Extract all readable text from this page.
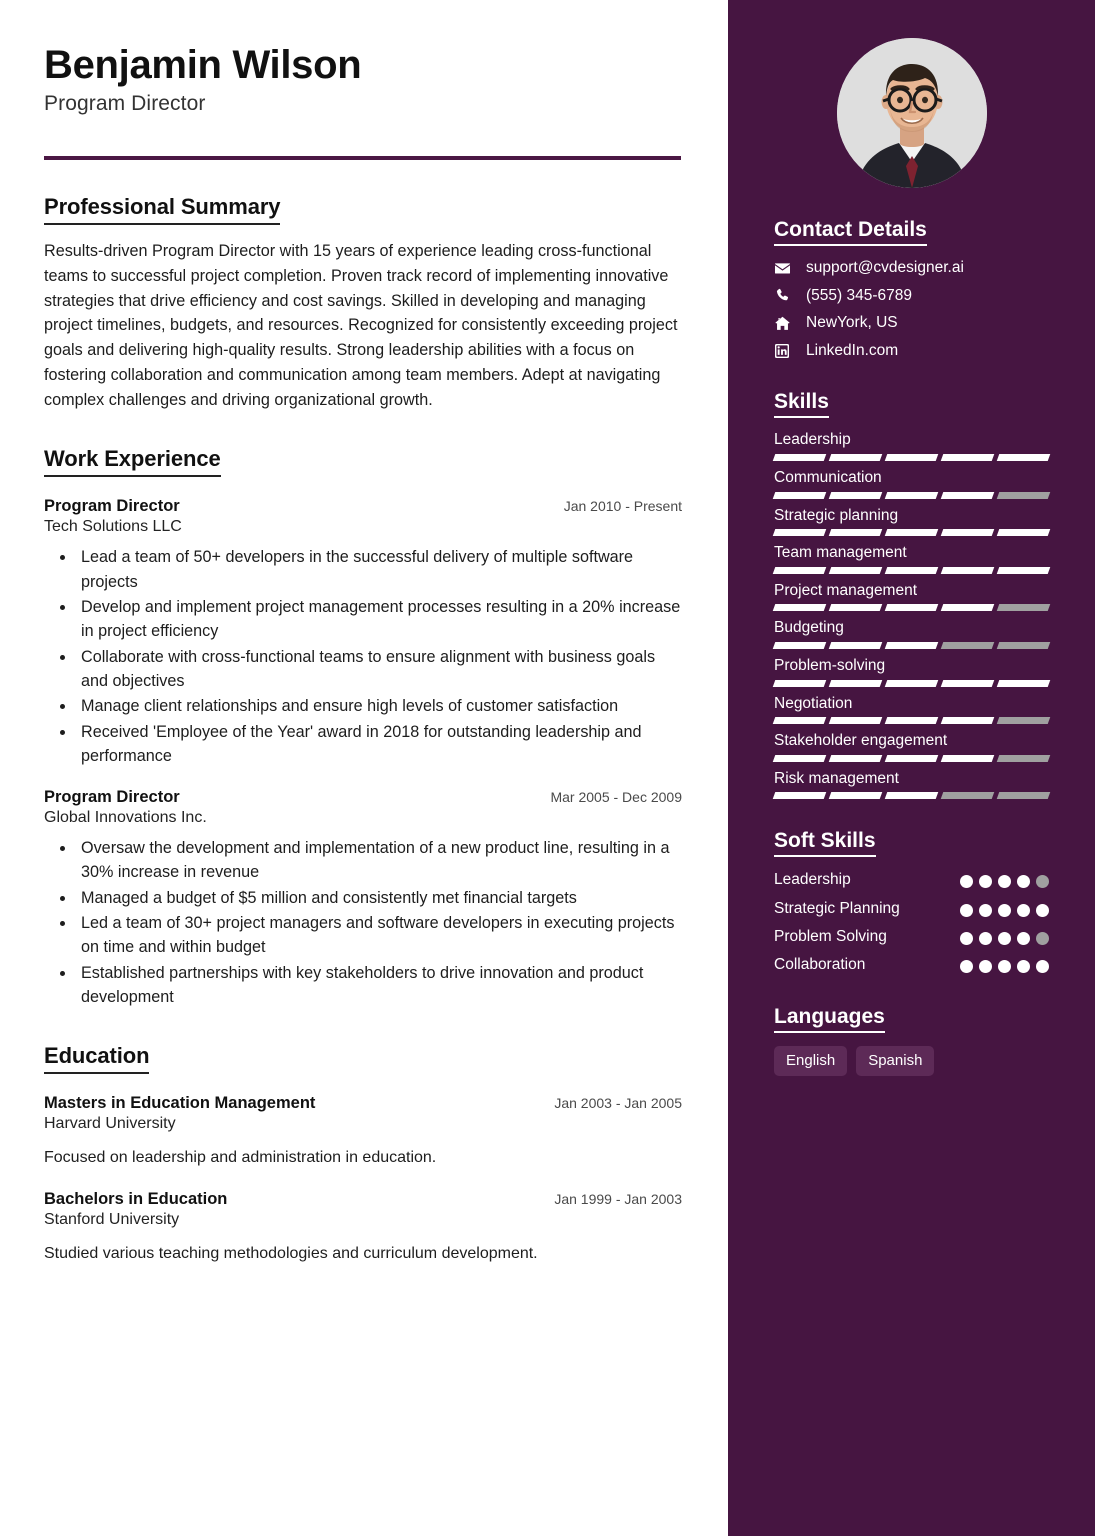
Benjamin Wilson
Program Director
Professional Summary

Results-driven Program Director with 15 years of experience leading cross-functional teams to successful project completion. Proven track record of implementing innovative strategies that drive efficiency and cost savings. Skilled in developing and managing project timelines, budgets, and resources. Recognized for consistently exceeding project goals and delivering high-quality results. Strong leadership abilities with a focus on fostering collaboration and communication among team members. Adept at navigating complex challenges and driving organizational growth.

Work Experience
Program Director	Jan 2010 - Present
Tech Solutions LLC
• Lead a team of 50+ developers in the successful delivery of multiple software projects
• Develop and implement project management processes resulting in a 20% increase in project efficiency
• Collaborate with cross-functional teams to ensure alignment with business goals and objectives
• Manage client relationships and ensure high levels of customer satisfaction
• Received 'Employee of the Year' award in 2018 for outstanding leadership and performance
Program Director	Mar 2005 - Dec 2009
Global Innovations Inc.
• Oversaw the development and implementation of a new product line, resulting in a 30% increase in revenue
• Managed a budget of $5 million and consistently met financial targets
• Led a team of 30+ project managers and software developers in executing projects on time and within budget
• Established partnerships with key stakeholders to drive innovation and product development
Education
Masters in Education Management	Jan 2003 - Jan 2005
Harvard University
Focused on leadership and administration in education.
Bachelors in Education	Jan 1999 - Jan 2003
Stanford University
Studied various teaching methodologies and curriculum development.
Contact Details
support@cvdesigner.ai
(555) 345-6789
NewYork, US
LinkedIn.com
Skills
Leadership
Communication
Strategic planning
Team management
Project management
Budgeting
Problem-solving
Negotiation
Stakeholder engagement
Risk management
Soft Skills
Leadership
Strategic Planning
Problem Solving
Collaboration
Languages
English	Spanish
